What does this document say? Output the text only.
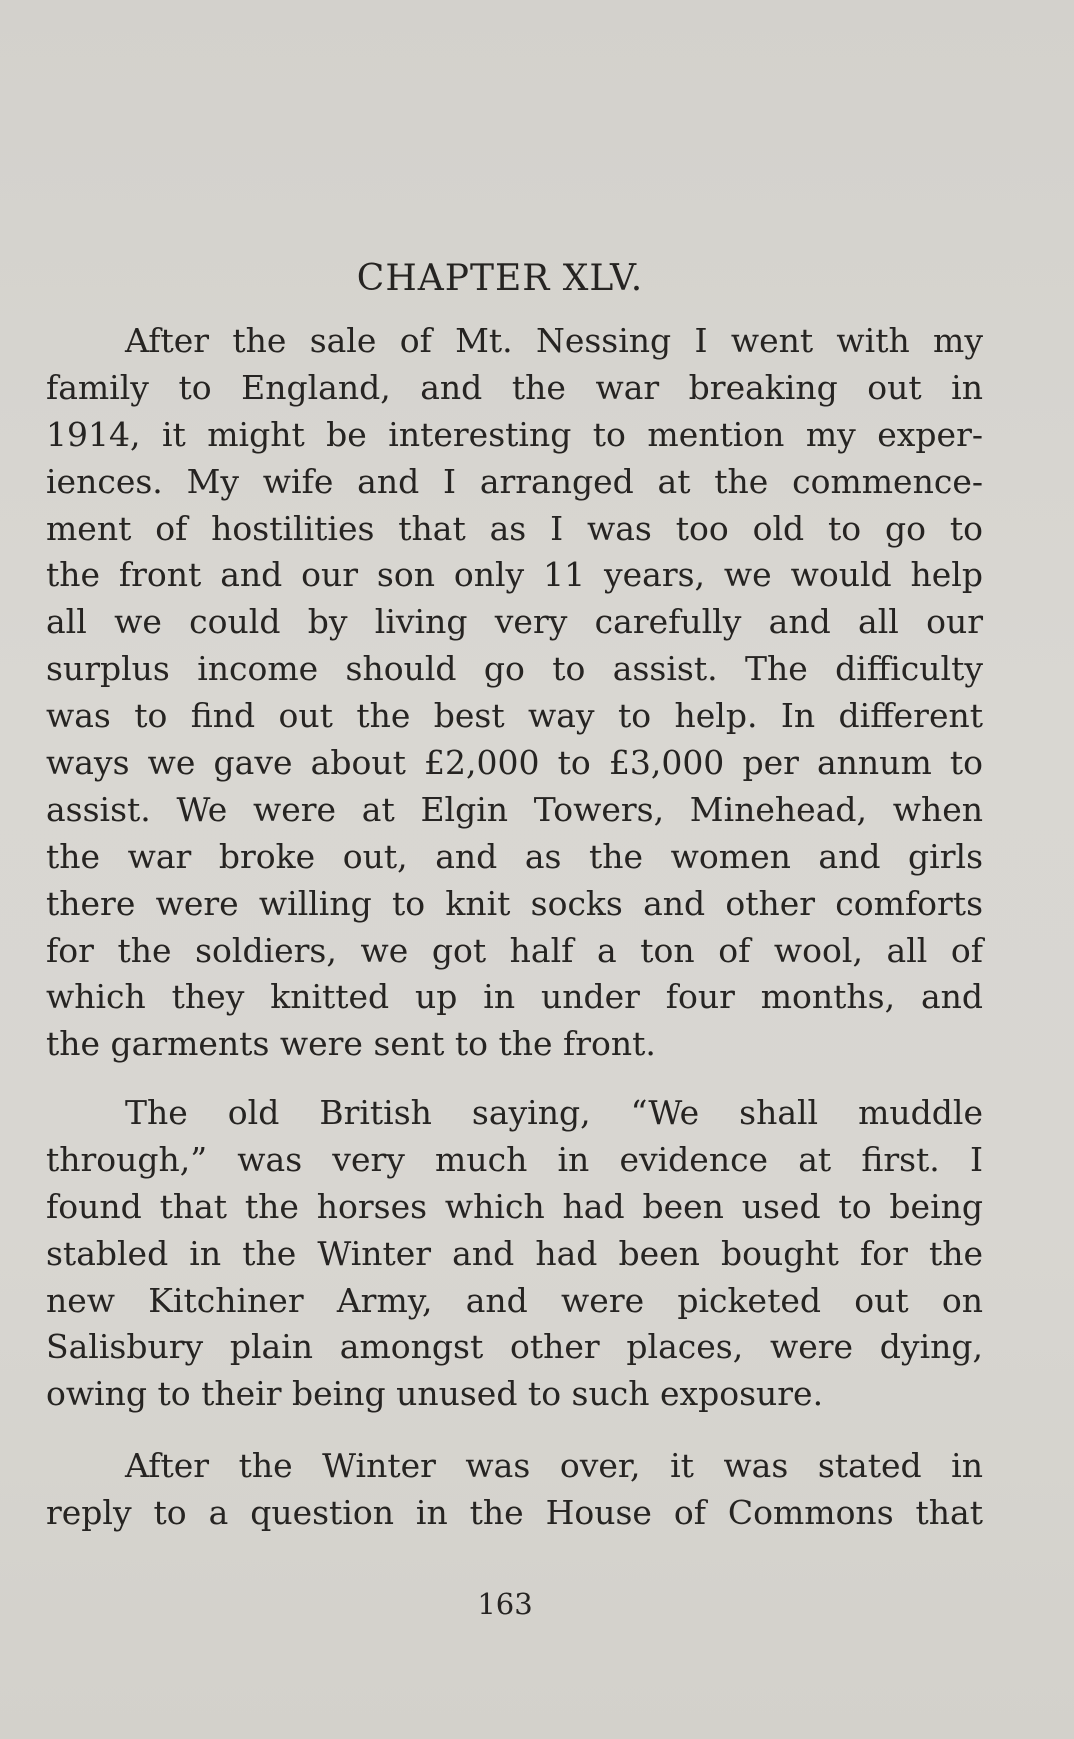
CHAPTER XLV.
After the sale of Mt. Nessing I went with my
family to England, and the war breaking out in
1914, it might be interesting to mention my exper-
iences. My wife and I arranged at the commence-
ment of hostilities that as I was too old to go to
the front and our son only 11 years, we would help
all we could by living very carefully and all our
surplus income should go to assist. The difficulty
was to find out the best way to help. In different
ways we gave about £2,000 to £3,000 per annum to
assist. We were at Elgin Towers, Minehead, when
the war broke out, and as the women and girls
there were willing to knit socks and other comforts
for the soldiers, we got half a ton of wool, all of
which they knitted up in under four months, and
the garments were sent to the front.
The old British saying, “We shall muddle
through,” was very much in evidence at first. I
found that the horses which had been used to being
stabled in the Winter and had been bought for the
new Kitchiner Army, and were picketed out on
Salisbury plain amongst other places, were dying,
owing to their being unused to such exposure.
After the Winter was over, it was stated in
reply to a question in the House of Commons that
163
